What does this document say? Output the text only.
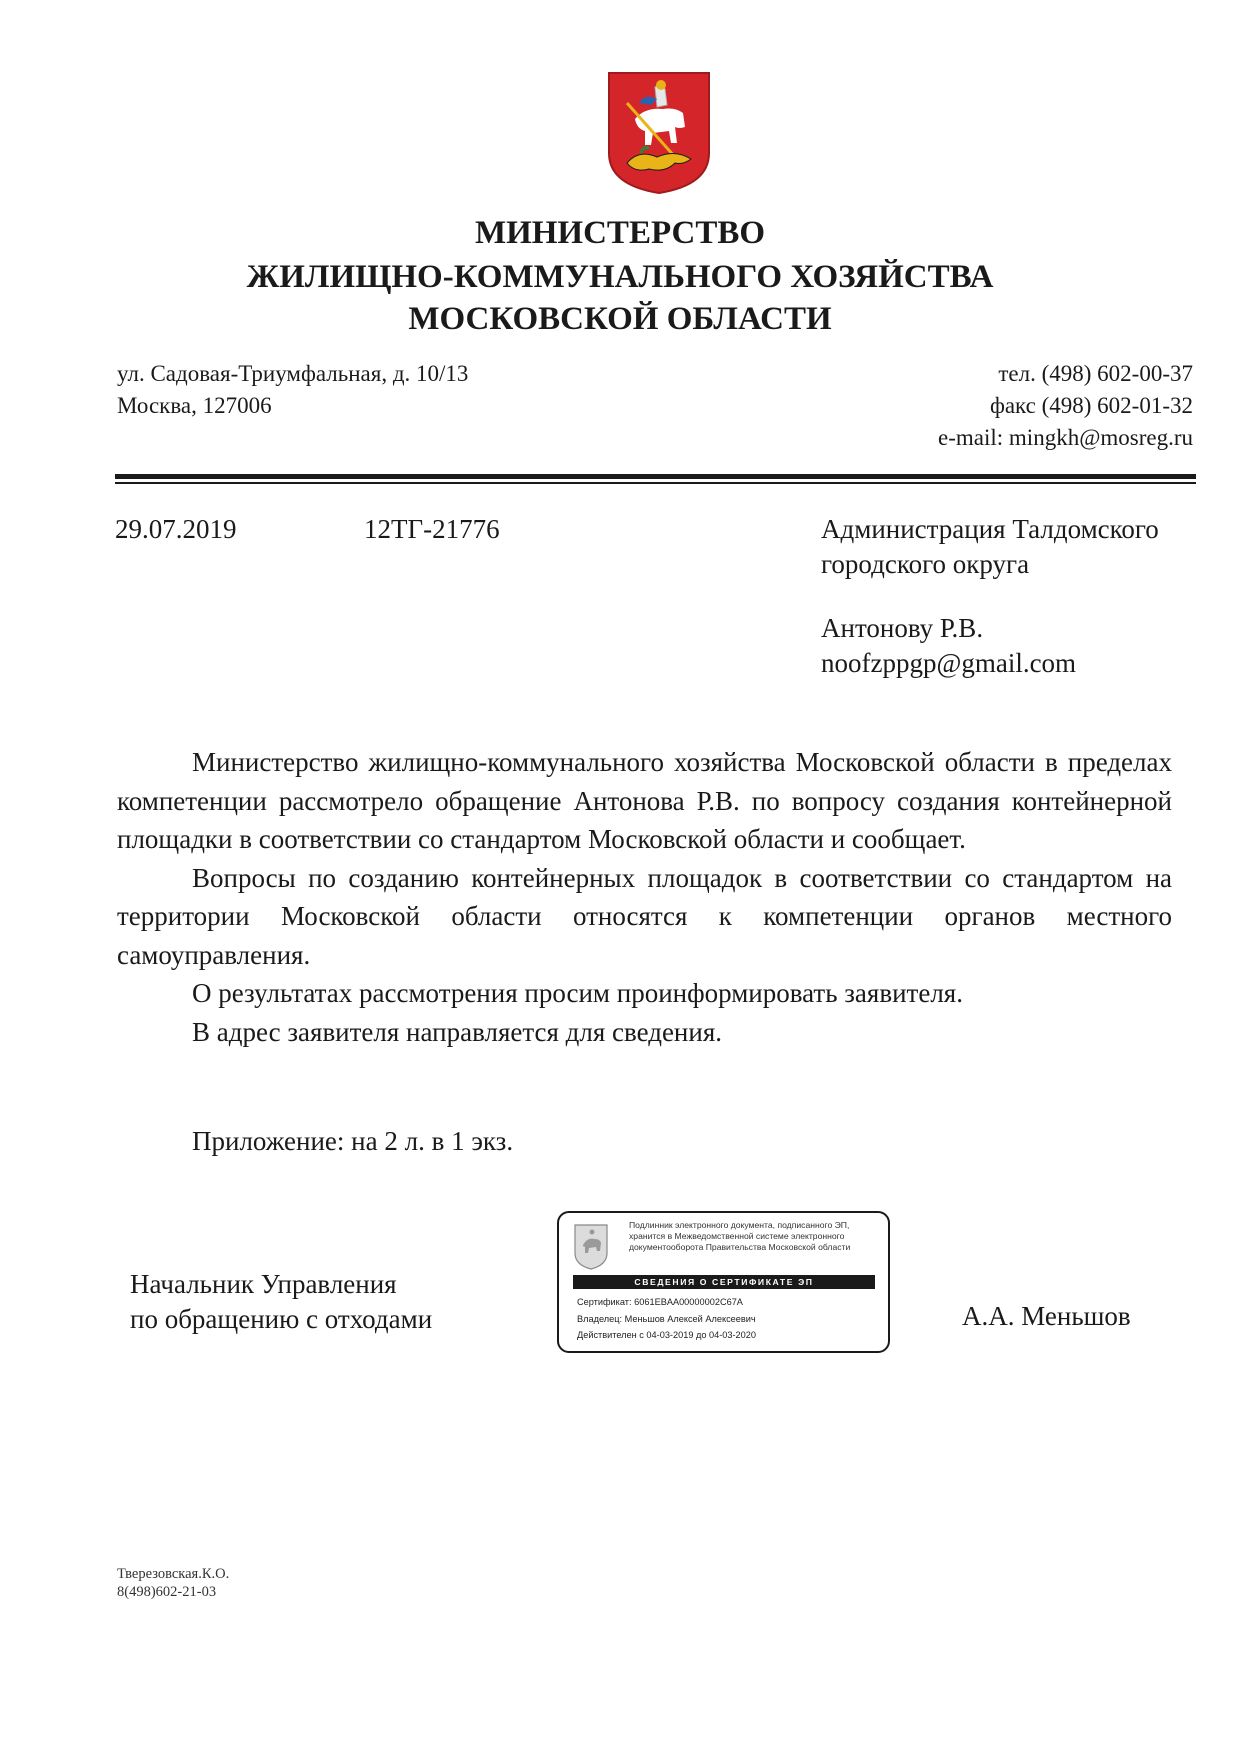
МИНИСТЕРСТВО
ЖИЛИЩНО-КОММУНАЛЬНОГО ХОЗЯЙСТВА
МОСКОВСКОЙ ОБЛАСТИ
ул. Садовая-Триумфальная, д. 10/13
Москва, 127006
тел. (498) 602-00-37
факс (498) 602-01-32
e-mail: mingkh@mosreg.ru
29.07.2019	12ТГ-21776	Администрация Талдомского
городского округа
Антонову Р.В.
noofzppgp@gmail.com

Министерство жилищно-коммунального хозяйства Московской области в пределах компетенции рассмотрело обращение Антонова Р.В. по вопросу создания контейнерной площадки в соответствии со стандартом Московской области и сообщает.

Вопросы по созданию контейнерных площадок в соответствии со стандартом на территории Московской области относятся к компетенции органов местного самоуправления.

О результатах рассмотрения просим проинформировать заявителя.

В адрес заявителя направляется для сведения.

Приложение: на 2 л. в 1 экз.
Начальник Управления
по обращению с отходами
Подлинник электронного документа, подписанного ЭП,
хранится в Межведомственной системе электронного
документооборота Правительства Московской области
СВЕДЕНИЯ О СЕРТИФИКАТЕ ЭП
Сертификат: 6061EBAA00000002C67A
Владелец: Меньшов Алексей Алексеевич
Действителен с 04-03-2019 до 04-03-2020
А.А. Меньшов
Тверезовская.К.О.
8(498)602-21-03
